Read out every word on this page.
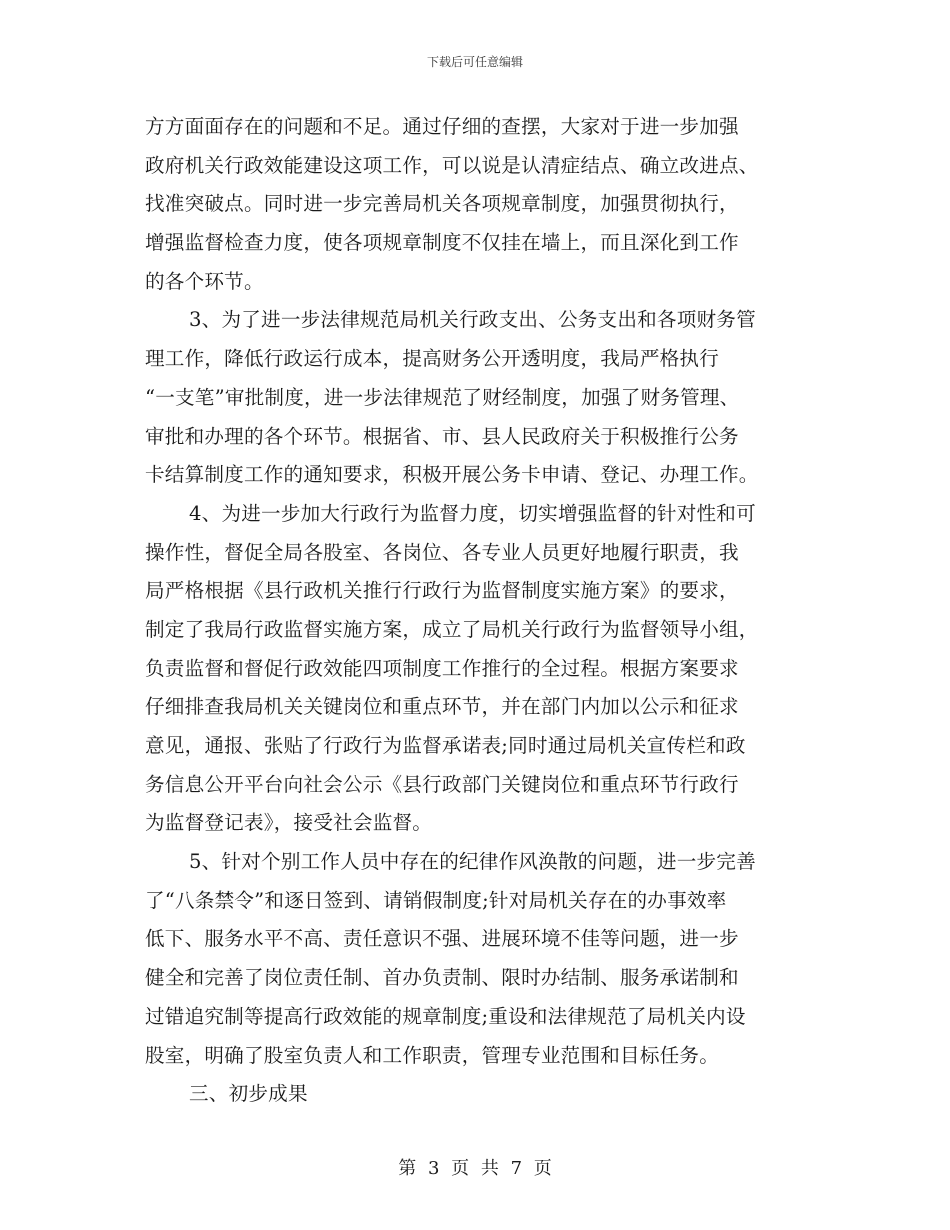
下载后可任意编辑
方方面面存在的问题和不足。通过仔细的查摆，大家对于进一步加强
政府机关行政效能建设这项工作，可以说是认清症结点、确立改进点、
找准突破点。同时进一步完善局机关各项规章制度，加强贯彻执行，
增强监督检查力度，使各项规章制度不仅挂在墙上，而且深化到工作
的各个环节。
3、为了进一步法律规范局机关行政支出、公务支出和各项财务管
理工作，降低行政运行成本，提高财务公开透明度，我局严格执行
“一支笔”审批制度，进一步法律规范了财经制度，加强了财务管理、
审批和办理的各个环节。根据省、市、县人民政府关于积极推行公务
卡结算制度工作的通知要求，积极开展公务卡申请、登记、办理工作。
4、为进一步加大行政行为监督力度，切实增强监督的针对性和可
操作性，督促全局各股室、各岗位、各专业人员更好地履行职责，我
局严格根据《县行政机关推行行政行为监督制度实施方案》的要求，
制定了我局行政监督实施方案，成立了局机关行政行为监督领导小组，
负责监督和督促行政效能四项制度工作推行的全过程。根据方案要求
仔细排查我局机关关键岗位和重点环节，并在部门内加以公示和征求
意见，通报、张贴了行政行为监督承诺表;同时通过局机关宣传栏和政
务信息公开平台向社会公示《县行政部门关键岗位和重点环节行政行
为监督登记表》，接受社会监督。
5、针对个别工作人员中存在的纪律作风涣散的问题，进一步完善
了“八条禁令”和逐日签到、请销假制度;针对局机关存在的办事效率
低下、服务水平不高、责任意识不强、进展环境不佳等问题，进一步
健全和完善了岗位责任制、首办负责制、限时办结制、服务承诺制和
过错追究制等提高行政效能的规章制度;重设和法律规范了局机关内设
股室，明确了股室负责人和工作职责，管理专业范围和目标任务。
三、初步成果
第 3 页 共 7 页
